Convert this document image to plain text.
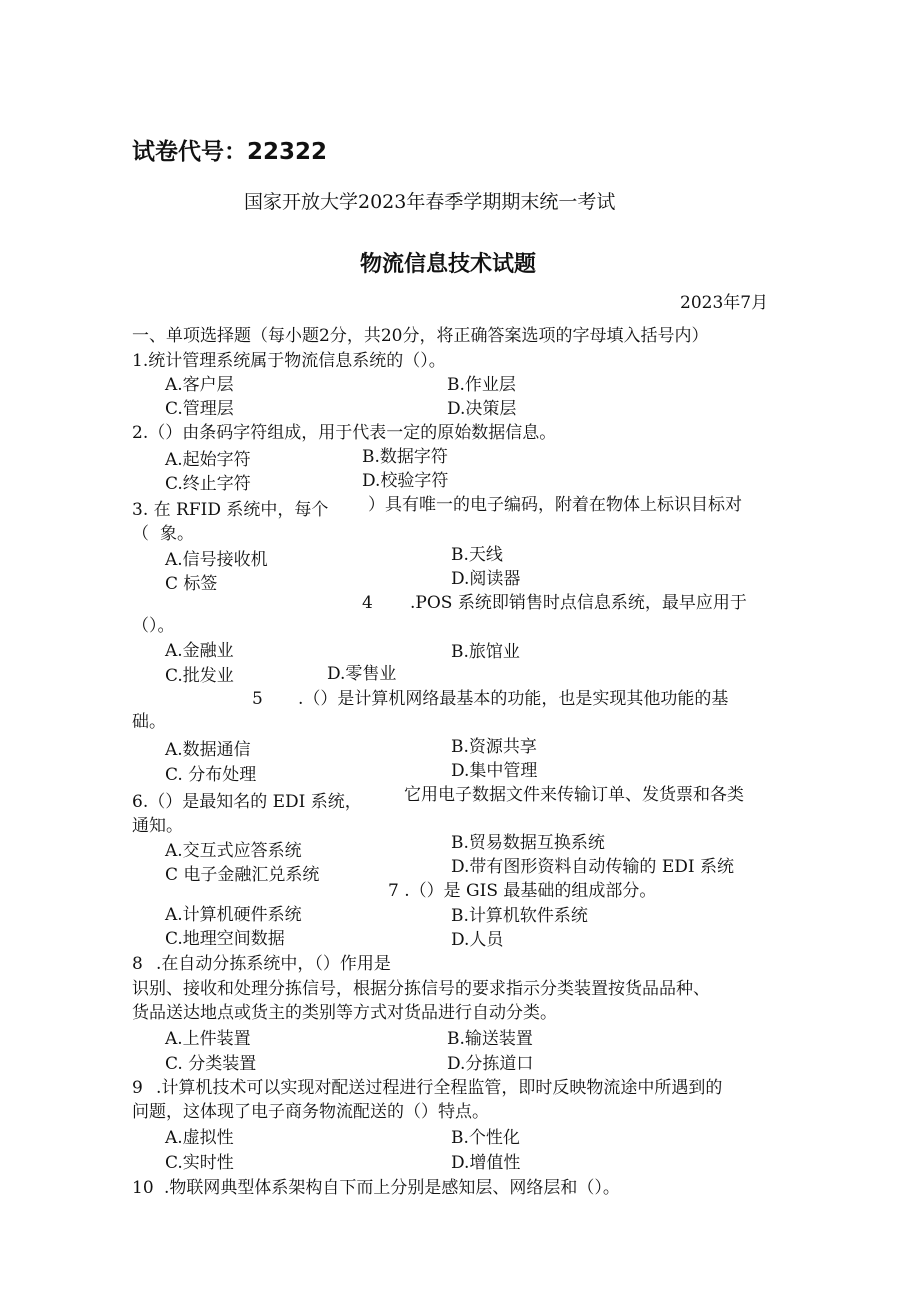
试卷代号：22322
国家开放大学2023年春季学期期末统一考试
物流信息技术试题
2023年7月
一、单项选择题（每小题2分，共20分，将正确答案选项的字母填入括号内）
1.统计管理系统属于物流信息系统的（）。
A.客户层	B.作业层
C.管理层	D.决策层
2.（）由条码字符组成，用于代表一定的原始数据信息。
A.起始字符	B.数据字符
C.终止字符	D.校验字符
3. 在 RFID 系统中，每个 ）具有唯一的电子编码，附着在物体上标识目标对
（ 象。
A.信号接收机	B.天线
C 标签	D.阅读器
4 .POS 系统即销售时点信息系统，最早应用于
（）。
A.金融业	B.旅馆业
C.批发业	D.零售业
5 .（）是计算机网络最基本的功能，也是实现其他功能的基
础。
A.数据通信	B.资源共享
C. 分布处理	D.集中管理
6.（）是最知名的 EDI 系统， 它用电子数据文件来传输订单、发货票和各类
通知。
A.交互式应答系统	B.贸易数据互换系统
C 电子金融汇兑系统	D.带有图形资料自动传输的 EDI 系统
7 .（）是 GIS 最基础的组成部分。
A.计算机硬件系统	B.计算机软件系统
C.地理空间数据	D.人员
8 .在自动分拣系统中，（）作用是
识别、接收和处理分拣信号，根据分拣信号的要求指示分类装置按货品品种、
货品送达地点或货主的类别等方式对货品进行自动分类。
A.上件装置	B.输送装置
C. 分类装置	D.分拣道口
9 .计算机技术可以实现对配送过程进行全程监管，即时反映物流途中所遇到的
问题，这体现了电子商务物流配送的（）特点。
A.虚拟性	B.个性化
C.实时性	D.增值性
10 .物联网典型体系架构自下而上分别是感知层、网络层和（）。
